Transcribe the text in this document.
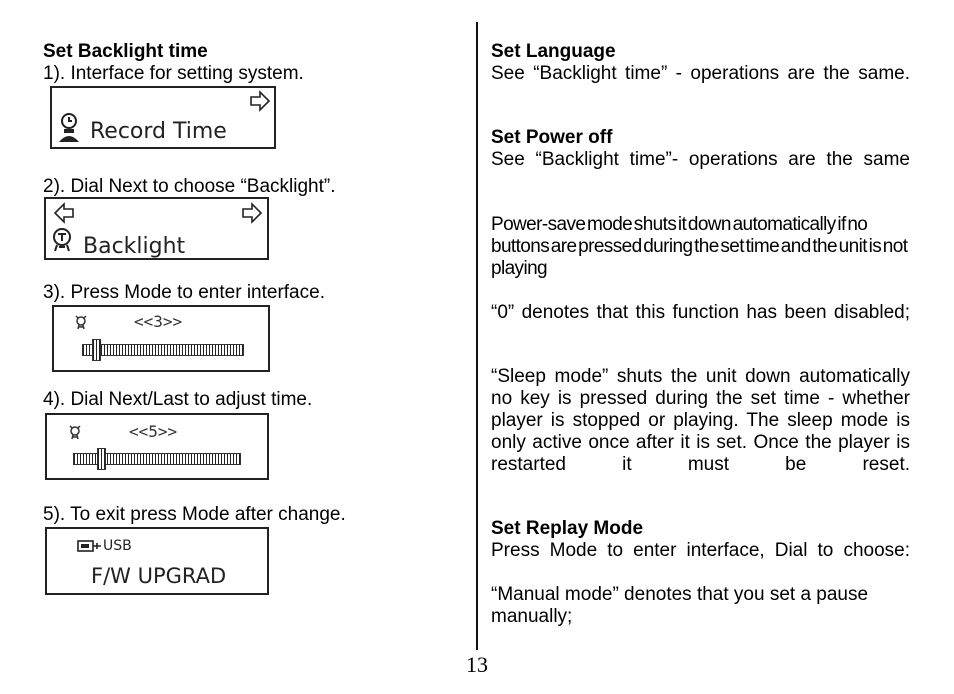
Set Backlight time
1). Interface for setting system.
Record Time
2). Dial Next to choose “Backlight”.
Backlight
3). Press Mode to enter interface.
<<3>>
4). Dial Next/Last to adjust time.
<<5>>
5). To exit press Mode after change.
USB
F/W UPGRAD
Set Language
See “Backlight time” - operations are the same.
Set Power off
See “Backlight time”- operations are the same
Power-save mode shuts it down automatically if no buttons are pressed during the set time and the unit is not playing
“0” denotes that this function has been disabled;
“Sleep mode” shuts the unit down automatically no key is pressed during the set time - whether player is stopped or playing. The sleep mode is only active once after it is set. Once the player is restarted it must be reset.
Set Replay Mode
Press Mode to enter interface, Dial to choose:
“Manual mode” denotes that you set a pause manually;
13
